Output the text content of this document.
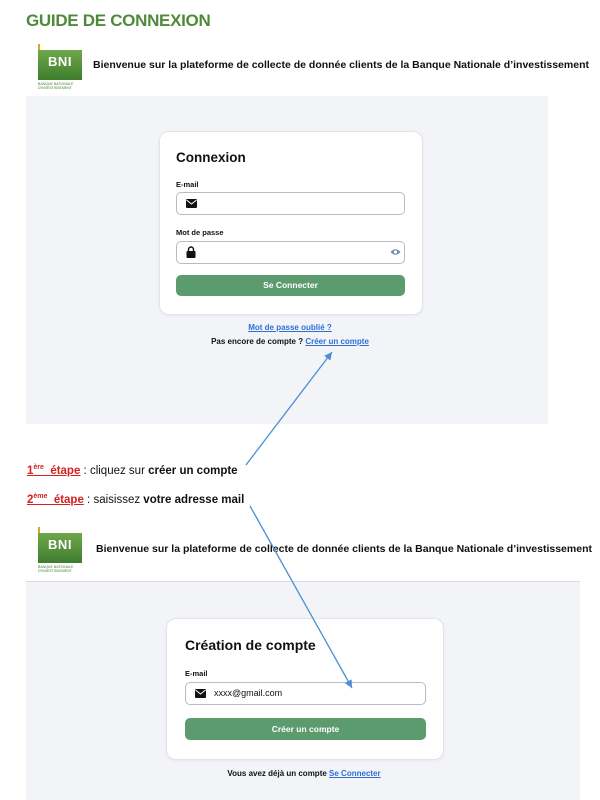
GUIDE DE CONNEXION
BNI
BANQUE NATIONALE D'INVESTISSEMENT
Bienvenue sur la plateforme de collecte de donnée clients de la Banque Nationale d’investissement
Connexion
E-mail
Mot de passe
Se Connecter
Mot de passe oublié ?
Pas encore de compte ? Créer un compte
1ère étape : cliquez sur créer un compte
2ème étape : saisissez votre adresse mail
BNI
BANQUE NATIONALE D'INVESTISSEMENT
Bienvenue sur la plateforme de collecte de donnée clients de la Banque Nationale d’investissement
Création de compte
E-mail
xxxx@gmail.com
Créer un compte
Vous avez déjà un compte Se Connecter
